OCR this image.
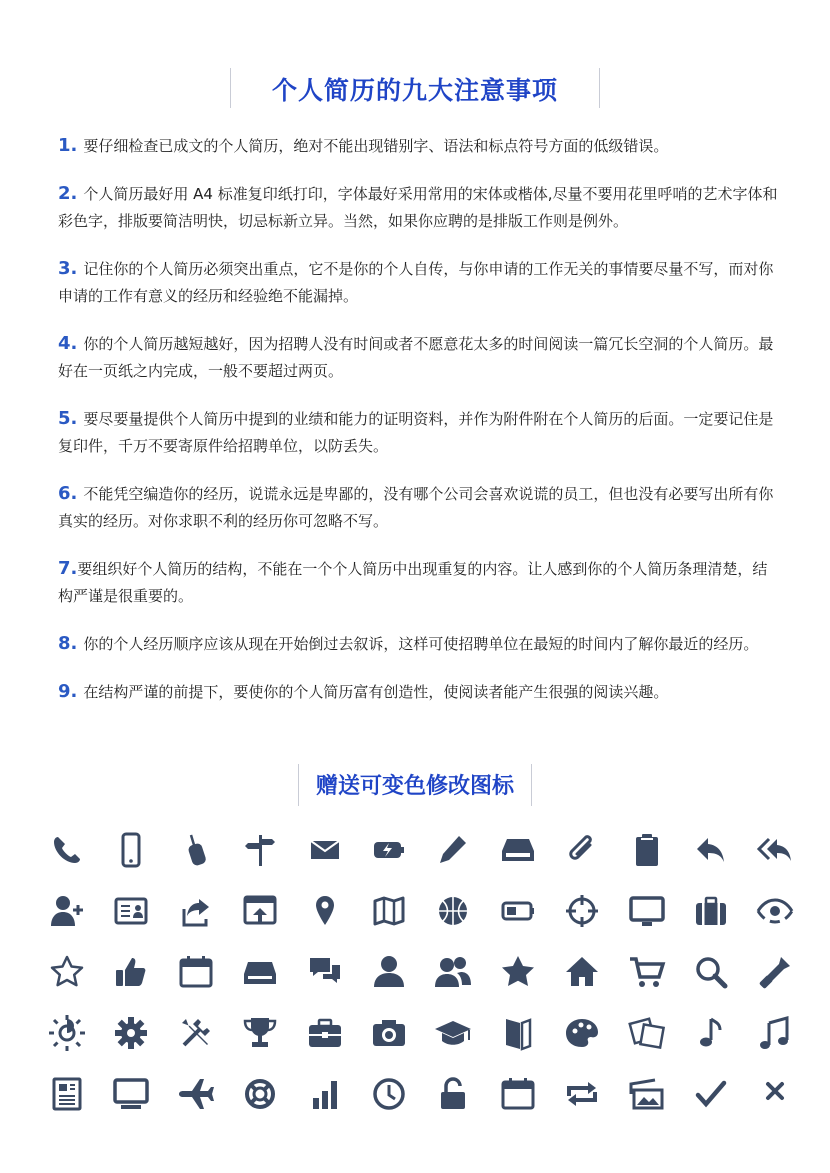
个人简历的九大注意事项

1. 要仔细检查已成文的个人简历，绝对不能出现错别字、语法和标点符号方面的低级错误。

2. 个人简历最好用 A4 标准复印纸打印，字体最好采用常用的宋体或楷体,尽量不要用花里呼哨的艺术字体和彩色字，排版要简洁明快，切忌标新立异。当然，如果你应聘的是排版工作则是例外。

3. 记住你的个人简历必须突出重点，它不是你的个人自传，与你申请的工作无关的事情要尽量不写，而对你申请的工作有意义的经历和经验绝不能漏掉。

4. 你的个人简历越短越好，因为招聘人没有时间或者不愿意花太多的时间阅读一篇冗长空洞的个人简历。最好在一页纸之内完成，一般不要超过两页。

5. 要尽要量提供个人简历中提到的业绩和能力的证明资料，并作为附件附在个人简历的后面。一定要记住是复印件，千万不要寄原件给招聘单位，以防丢失。

6. 不能凭空编造你的经历，说谎永远是卑鄙的，没有哪个公司会喜欢说谎的员工，但也没有必要写出所有你真实的经历。对你求职不利的经历你可忽略不写。

7.要组织好个人简历的结构，不能在一个个人简历中出现重复的内容。让人感到你的个人简历条理清楚，结构严谨是很重要的。

8. 你的个人经历顺序应该从现在开始倒过去叙诉，这样可使招聘单位在最短的时间内了解你最近的经历。

9. 在结构严谨的前提下，要使你的个人简历富有创造性，使阅读者能产生很强的阅读兴趣。

赠送可变色修改图标
